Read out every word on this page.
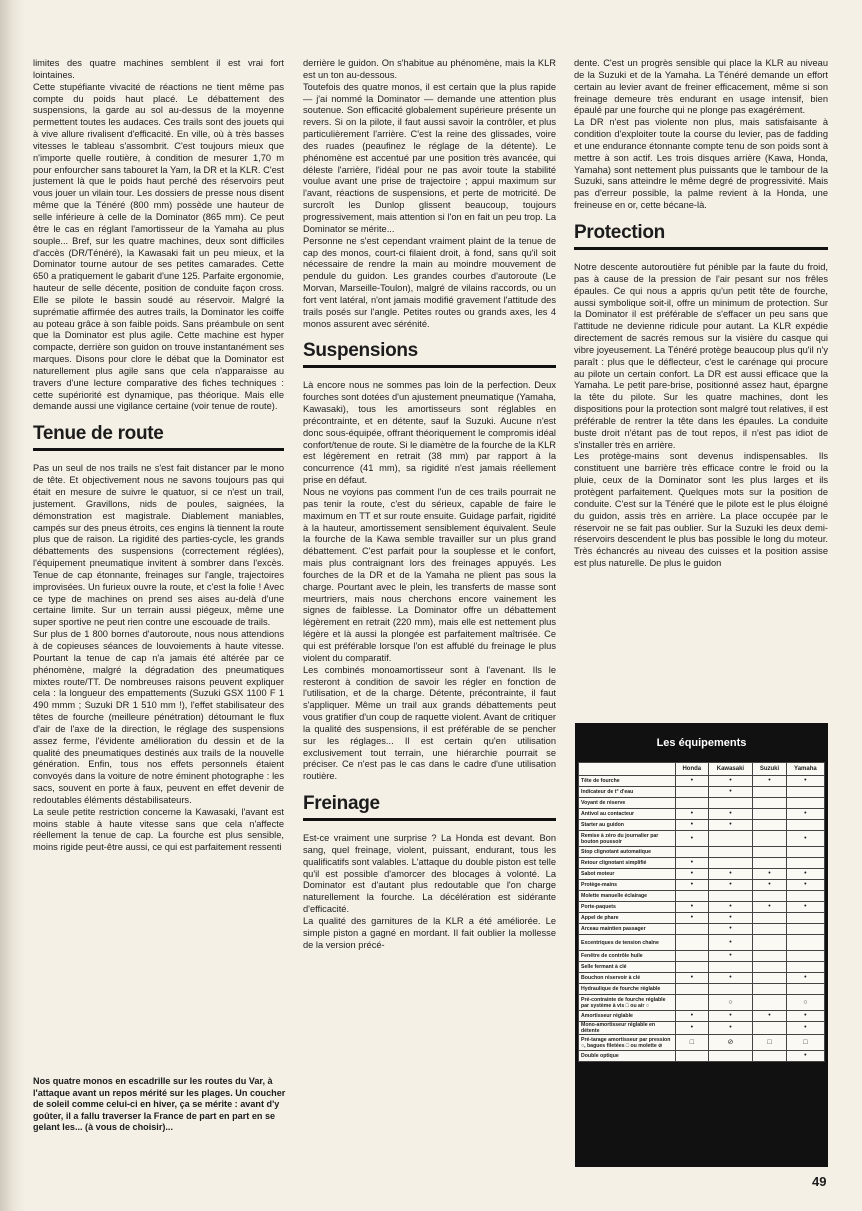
limites des quatre machines semblent il est vrai fort lointaines.

Cette stupéfiante vivacité de réactions ne tient même pas compte du poids haut placé. Le débattement des suspensions, la garde au sol au-dessus de la moyenne permettent toutes les audaces. Ces trails sont des jouets qui à vive allure rivalisent d'efficacité. En ville, où à très basses vitesses le tableau s'assombrit. C'est toujours mieux que n'importe quelle routière, à condition de mesurer 1,70 m pour enfourcher sans tabouret la Yam, la DR et la KLR. C'est justement là que le poids haut perché des réservoirs peut vous jouer un vilain tour. Les dossiers de presse nous disent même que la Ténéré (800 mm) possède une hauteur de selle inférieure à celle de la Dominator (865 mm). Ce peut être le cas en réglant l'amortisseur de la Yamaha au plus souple... Bref, sur les quatre machines, deux sont difficiles d'accès (DR/Ténéré), la Kawasaki fait un peu mieux, et la Dominator tourne autour de ses petites camarades. Cette 650 a pratiquement le gabarit d'une 125. Parfaite ergonomie, hauteur de selle décente, position de conduite façon cross. Elle se pilote le bassin soudé au réservoir. Malgré la suprématie affirmée des autres trails, la Dominator les coiffe au poteau grâce à son faible poids. Sans préambule on sent que la Dominator est plus agile. Cette machine est hyper compacte, derrière son guidon on trouve instantanément ses marques. Disons pour clore le débat que la Dominator est naturellement plus agile sans que cela n'apparaisse au travers d'une lecture comparative des fiches techniques : cette supériorité est dynamique, pas théorique. Mais elle demande aussi une vigilance certaine (voir tenue de route).

Tenue de route

Pas un seul de nos trails ne s'est fait distancer par le mono de tête. Et objectivement nous ne savons toujours pas qui était en mesure de suivre le quatuor, si ce n'est un trail, justement. Gravillons, nids de poules, saignées, la démonstration est magistrale. Diablement maniables, campés sur des pneus étroits, ces engins là tiennent la route plus que de raison. La rigidité des parties-cycle, les grands débattements des suspensions (correctement réglées), l'équipement pneumatique invitent à sombrer dans l'excès. Tenue de cap étonnante, freinages sur l'angle, trajectoires improvisées. Un furieux ouvre la route, et c'est la folie ! Avec ce type de machines on prend ses aises au-delà d'une certaine limite. Sur un terrain aussi piégeux, même une super sportive ne peut rien contre une escouade de trails.

Sur plus de 1 800 bornes d'autoroute, nous nous attendions à de copieuses séances de louvoiements à haute vitesse. Pourtant la tenue de cap n'a jamais été altérée par ce phénomène, malgré la dégradation des pneumatiques mixtes route/TT. De nombreuses raisons peuvent expliquer cela : la longueur des empattements (Suzuki GSX 1100 F 1 490 mmm ; Suzuki DR 1 510 mm !), l'effet stabilisateur des têtes de fourche (meilleure pénétration) détournant le flux d'air de l'axe de la direction, le réglage des suspensions assez ferme, l'évidente amélioration du dessin et de la qualité des pneumatiques destinés aux trails de la nouvelle génération. Enfin, tous nos effets personnels étaient convoyés dans la voiture de notre éminent photographe : les sacs, souvent en porte à faux, peuvent en effet devenir de redoutables éléments déstabilisateurs.

La seule petite restriction concerne la Kawasaki, l'avant est moins stable à haute vitesse sans que cela n'affecte réellement la tenue de cap. La fourche est plus sensible, moins rigide peut-être aussi, ce qui est parfaitement ressenti

Nos quatre monos en escadrille sur les routes du Var, à l'attaque avant un repos mérité sur les plages. Un coucher de soleil comme celui-ci en hiver, ça se mérite : avant d'y goûter, il a fallu traverser la France de part en part en se gelant les... (à vous de choisir)...

derrière le guidon. On s'habitue au phénomène, mais la KLR est un ton au-dessous.

Toutefois des quatre monos, il est certain que la plus rapide — j'ai nommé la Dominator — demande une attention plus soutenue. Son efficacité globalement supérieure présente un revers. Si on la pilote, il faut aussi savoir la contrôler, et plus particulièrement l'arrière. C'est la reine des glissades, voire des ruades (peaufinez le réglage de la détente). Le phénomène est accentué par une position très avancée, qui déleste l'arrière, l'idéal pour ne pas avoir toute la stabilité voulue avant une prise de trajectoire ; appui maximum sur l'avant, réactions de suspensions, et perte de motricité. De surcroît les Dunlop glissent beaucoup, toujours progressivement, mais attention si l'on en fait un peu trop. La Dominator se mérite...

Personne ne s'est cependant vraiment plaint de la tenue de cap des monos, court-ci filaient droit, à fond, sans qu'il soit nécessaire de rendre la main au moindre mouvement de pendule du guidon. Les grandes courbes d'autoroute (Le Morvan, Marseille-Toulon), malgré de vilains raccords, ou un fort vent latéral, n'ont jamais modifié gravement l'attitude des trails posés sur l'angle. Petites routes ou grands axes, les 4 monos assurent avec sérénité.

Suspensions

Là encore nous ne sommes pas loin de la perfection. Deux fourches sont dotées d'un ajustement pneumatique (Yamaha, Kawasaki), tous les amortisseurs sont réglables en précontrainte, et en détente, sauf la Suzuki. Aucune n'est donc sous-équipée, offrant théoriquement le compromis idéal confort/tenue de route. Si le diamètre de la fourche de la KLR est légèrement en retrait (38 mm) par rapport à la concurrence (41 mm), sa rigidité n'est jamais réellement prise en défaut.

Nous ne voyions pas comment l'un de ces trails pourrait ne pas tenir la route, c'est du sérieux, capable de faire le maximum en TT et sur route ensuite. Guidage parfait, rigidité à la hauteur, amortissement sensiblement équivalent. Seule la fourche de la Kawa semble travailler sur un plus grand débattement. C'est parfait pour la souplesse et le confort, mais plus contraignant lors des freinages appuyés. Les fourches de la DR et de la Yamaha ne plient pas sous la charge. Pourtant avec le plein, les transferts de masse sont meurtriers, mais nous cherchons encore vainement les signes de faiblesse. La Dominator offre un débattement légèrement en retrait (220 mm), mais elle est nettement plus légère et là aussi la plongée est parfaitement maîtrisée. Ce qui est préférable lorsque l'on est affublé du freinage le plus violent du comparatif.

Les combinés monoamortisseur sont à l'avenant. Ils le resteront à condition de savoir les régler en fonction de l'utilisation, et de la charge. Détente, précontrainte, il faut s'appliquer. Même un trail aux grands débattements peut vous gratifier d'un coup de raquette violent. Avant de critiquer la qualité des suspensions, il est préférable de se pencher sur les réglages... Il est certain qu'en utilisation exclusivement tout terrain, une hiérarchie pourrait se préciser. Ce n'est pas le cas dans le cadre d'une utilisation routière.

Freinage

Est-ce vraiment une surprise ? La Honda est devant. Bon sang, quel freinage, violent, puissant, endurant, tous les qualificatifs sont valables. L'attaque du double piston est telle qu'il est possible d'amorcer des blocages à volonté. La Dominator est d'autant plus redoutable que l'on charge naturellement la fourche. La décélération est sidérante d'efficacité.

La qualité des garnitures de la KLR a été améliorée. Le simple piston a gagné en mordant. Il fait oublier la mollesse de la version précé-

dente. C'est un progrès sensible qui place la KLR au niveau de la Suzuki et de la Yamaha. La Ténéré demande un effort certain au levier avant de freiner efficacement, même si son freinage demeure très endurant en usage intensif, bien épaulé par une fourche qui ne plonge pas exagérément.

La DR n'est pas violente non plus, mais satisfaisante à condition d'exploiter toute la course du levier, pas de fadding et une endurance étonnante compte tenu de son poids sont à mettre à son actif. Les trois disques arrière (Kawa, Honda, Yamaha) sont nettement plus puissants que le tambour de la Suzuki, sans atteindre le même degré de progressivité. Mais pas d'erreur possible, la palme revient à la Honda, une freineuse en or, cette bécane-là.

Protection

Notre descente autoroutière fut pénible par la faute du froid, pas à cause de la pression de l'air pesant sur nos frêles épaules. Ce qui nous a appris qu'un petit tête de fourche, aussi symbolique soit-il, offre un minimum de protection. Sur la Dominator il est préférable de s'effacer un peu sans que l'attitude ne devienne ridicule pour autant. La KLR expédie directement de sacrés remous sur la visière du casque qui vibre joyeusement. La Ténéré protège beaucoup plus qu'il n'y paraît : plus que le déflecteur, c'est le carénage qui procure au pilote un certain confort. La DR est aussi efficace que la Yamaha. Le petit pare-brise, positionné assez haut, épargne la tête du pilote. Sur les quatre machines, dont les dispositions pour la protection sont malgré tout relatives, il est préférable de rentrer la tête dans les épaules. La conduite buste droit n'étant pas de tout repos, il n'est pas idiot de s'installer très en arrière.

Les protège-mains sont devenus indispensables. Ils constituent une barrière très efficace contre le froid ou la pluie, ceux de la Dominator sont les plus larges et ils protègent parfaitement. Quelques mots sur la position de conduite. C'est sur la Ténéré que le pilote est le plus éloigné du guidon, assis très en arrière. La place occupée par le réservoir ne se fait pas oublier. Sur la Suzuki les deux demi-réservoirs descendent le plus bas possible le long du moteur. Très échancrés au niveau des cuisses et la position assise est plus naturelle. De plus le guidon

Les équipements
	Honda	Kawasaki	Suzuki	Yamaha
Tête de fourche	•	•	•	•
Indicateur de t° d'eau		•		
Voyant de réserve				
Antivol au contacteur	•	•		•
Starter au guidon	•	•		
Remise à zéro du journalier par bouton poussoir	•			•
Stop clignotant automatique				
Retour clignotant simplifié	•			
Sabot moteur	•	•	•	•
Protège-mains	•	•	•	•
Molette manuelle éclairage				
Porte-paquets	•	•	•	•
Appel de phare	•	•		
Arceau maintien passager		•		
Excentriques de tension chaîne		•		
Fenêtre de contrôle huile		•		
Selle fermant à clé				
Bouchon réservoir à clé	•	•		•
Hydraulique de fourche réglable				
Pré-contrainte de fourche réglable par système à vis □ ou air ○		○		○
Amortisseur réglable	•	•	•	•
Mono-amortisseur réglable en détente	•	•		•
Pré-tarage amortisseur par pression ○, bagues filetées □ ou molette ⊘	□	⊘	□	□
Double optique				•
49
